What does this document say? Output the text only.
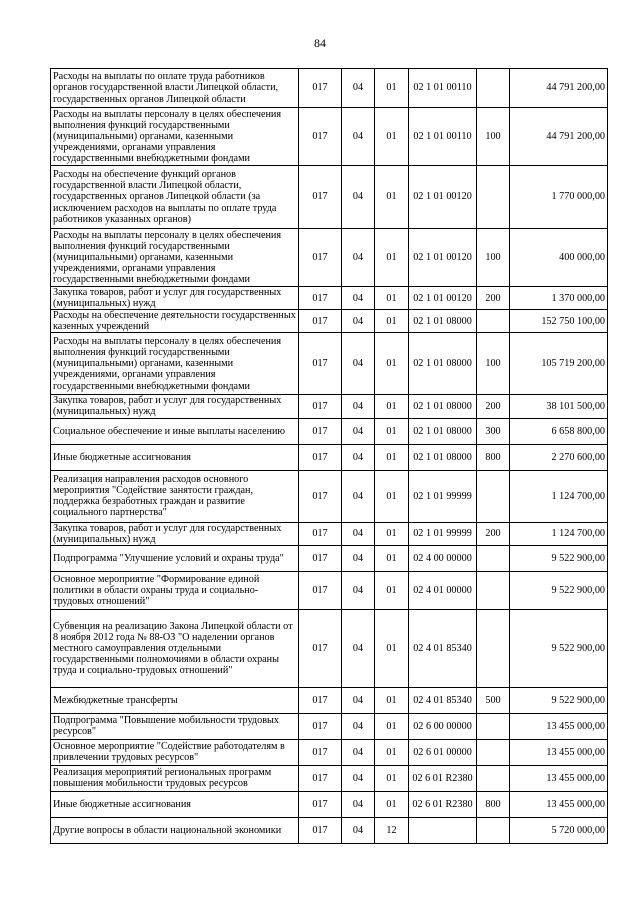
84
Расходы на выплаты по оплате труда работников органов государственной власти Липецкой области, государственных органов Липецкой области	017	04	01	02 1 01 00110		44 791 200,00
Расходы на выплаты персоналу в целях обеспечения выполнения функций государственными (муниципальными) органами, казенными учреждениями, органами управления государственными внебюджетными фондами	017	04	01	02 1 01 00110	100	44 791 200,00
Расходы на обеспечение функций органов государственной власти Липецкой области, государственных органов Липецкой области (за исключением расходов на выплаты по оплате труда работников указанных органов)	017	04	01	02 1 01 00120		1 770 000,00
Расходы на выплаты персоналу в целях обеспечения выполнения функций государственными (муниципальными) органами, казенными учреждениями, органами управления государственными внебюджетными фондами	017	04	01	02 1 01 00120	100	400 000,00
Закупка товаров, работ и услуг для государственных (муниципальных) нужд	017	04	01	02 1 01 00120	200	1 370 000,00
Расходы на обеспечение деятельности государственных казенных учреждений	017	04	01	02 1 01 08000		152 750 100,00
Расходы на выплаты персоналу в целях обеспечения выполнения функций государственными (муниципальными) органами, казенными учреждениями, органами управления государственными внебюджетными фондами	017	04	01	02 1 01 08000	100	105 719 200,00
Закупка товаров, работ и услуг для государственных (муниципальных) нужд	017	04	01	02 1 01 08000	200	38 101 500,00
Социальное обеспечение и иные выплаты населению	017	04	01	02 1 01 08000	300	6 658 800,00
Иные бюджетные ассигнования	017	04	01	02 1 01 08000	800	2 270 600,00
Реализация направления расходов основного мероприятия "Содействие занятости граждан, поддержка безработных граждан и развитие социального партнерства"	017	04	01	02 1 01 99999		1 124 700,00
Закупка товаров, работ и услуг для государственных (муниципальных) нужд	017	04	01	02 1 01 99999	200	1 124 700,00
Подпрограмма "Улучшение условий и охраны труда"	017	04	01	02 4 00 00000		9 522 900,00
Основное мероприятие "Формирование единой политики в области охраны труда и социально-трудовых отношений"	017	04	01	02 4 01 00000		9 522 900,00
Субвенция на реализацию Закона Липецкой области от 8 ноября 2012 года № 88-ОЗ "О наделении органов местного самоуправления отдельными государственными полномочиями в области охраны труда и социально-трудовых отношений"	017	04	01	02 4 01 85340		9 522 900,00
Межбюджетные трансферты	017	04	01	02 4 01 85340	500	9 522 900,00
Подпрограмма "Повышение мобильности трудовых ресурсов"	017	04	01	02 6 00 00000		13 455 000,00
Основное мероприятие "Содействие работодателям в привлечении трудовых ресурсов"	017	04	01	02 6 01 00000		13 455 000,00
Реализация мероприятий региональных программ повышения мобильности трудовых ресурсов	017	04	01	02 6 01 R2380		13 455 000,00
Иные бюджетные ассигнования	017	04	01	02 6 01 R2380	800	13 455 000,00
Другие вопросы в области национальной экономики	017	04	12			5 720 000,00
